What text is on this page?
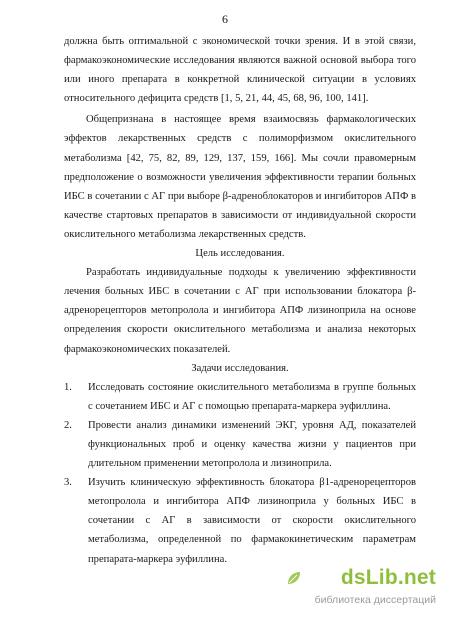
6

должна быть оптимальной с экономической точки зрения. И в этой связи, фармакоэкономические исследования являются важной основой выбора того или иного препарата в конкретной клинической ситуации в условиях относительного дефицита средств [1, 5, 21, 44, 45, 68, 96, 100, 141].

Общепризнана в настоящее время взаимосвязь фармакологических эффектов лекарственных средств с полиморфизмом окислительного метаболизма [42, 75, 82, 89, 129, 137, 159, 166]. Мы сочли правомерным предположение о возможности увеличения эффективности терапии больных ИБС в сочетании с АГ при выборе β-адреноблокаторов и ингибиторов АПФ в качестве стартовых препаратов в зависимости от индивидуальной скорости окислительного метаболизма лекарственных средств.

Цель исследования.

Разработать индивидуальные подходы к увеличению эффективности лечения больных ИБС в сочетании с АГ при использовании блокатора β-адренорецепторов метопролола и ингибитора АПФ лизиноприла на основе определения скорости окислительного метаболизма и анализа некоторых фармакоэкономических показателей.

Задачи исследования.

1. Исследовать состояние окислительного метаболизма в группе больных с сочетанием ИБС и АГ с помощью препарата-маркера эуфиллина.
2. Провести анализ динамики изменений ЭКГ, уровня АД, показателей функциональных проб и оценку качества жизни у пациентов при длительном применении метопролола и лизиноприла.
3. Изучить клиническую эффективность блокатора β1-адренорецепторов метопролола и ингибитора АПФ лизиноприла у больных ИБС в сочетании с АГ в зависимости от скорости окислительного метаболизма, определенной по фармакокинетическим параметрам препарата-маркера эуфиллина.
dsLib.net
библиотека диссертаций
